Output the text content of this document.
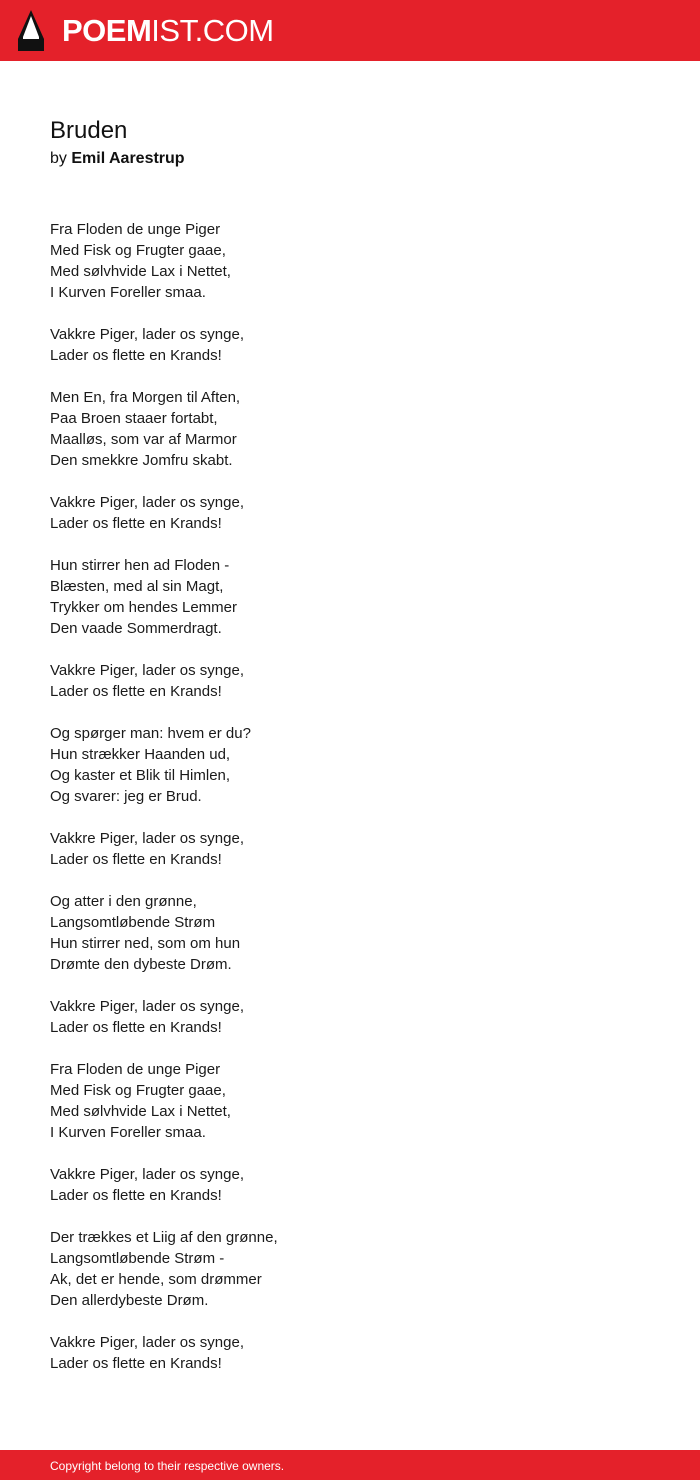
POEMIST.COM
Bruden
by Emil Aarestrup
Fra Floden de unge Piger
Med Fisk og Frugter gaae,
Med sølvhvide Lax i Nettet,
I Kurven Foreller smaa.
Vakkre Piger, lader os synge,
Lader os flette en Krands!
Men En, fra Morgen til Aften,
Paa Broen staaer fortabt,
Maalløs, som var af Marmor
Den smekkre Jomfru skabt.
Vakkre Piger, lader os synge,
Lader os flette en Krands!
Hun stirrer hen ad Floden -
Blæsten, med al sin Magt,
Trykker om hendes Lemmer
Den vaade Sommerdragt.
Vakkre Piger, lader os synge,
Lader os flette en Krands!
Og spørger man: hvem er du?
Hun strækker Haanden ud,
Og kaster et Blik til Himlen,
Og svarer: jeg er Brud.
Vakkre Piger, lader os synge,
Lader os flette en Krands!
Og atter i den grønne,
Langsomtløbende Strøm
Hun stirrer ned, som om hun
Drømte den dybeste Drøm.
Vakkre Piger, lader os synge,
Lader os flette en Krands!
Fra Floden de unge Piger
Med Fisk og Frugter gaae,
Med sølvhvide Lax i Nettet,
I Kurven Foreller smaa.
Vakkre Piger, lader os synge,
Lader os flette en Krands!
Der trækkes et Liig af den grønne,
Langsomtløbende Strøm -
Ak, det er hende, som drømmer
Den allerdybeste Drøm.
Vakkre Piger, lader os synge,
Lader os flette en Krands!
Copyright belong to their respective owners.
